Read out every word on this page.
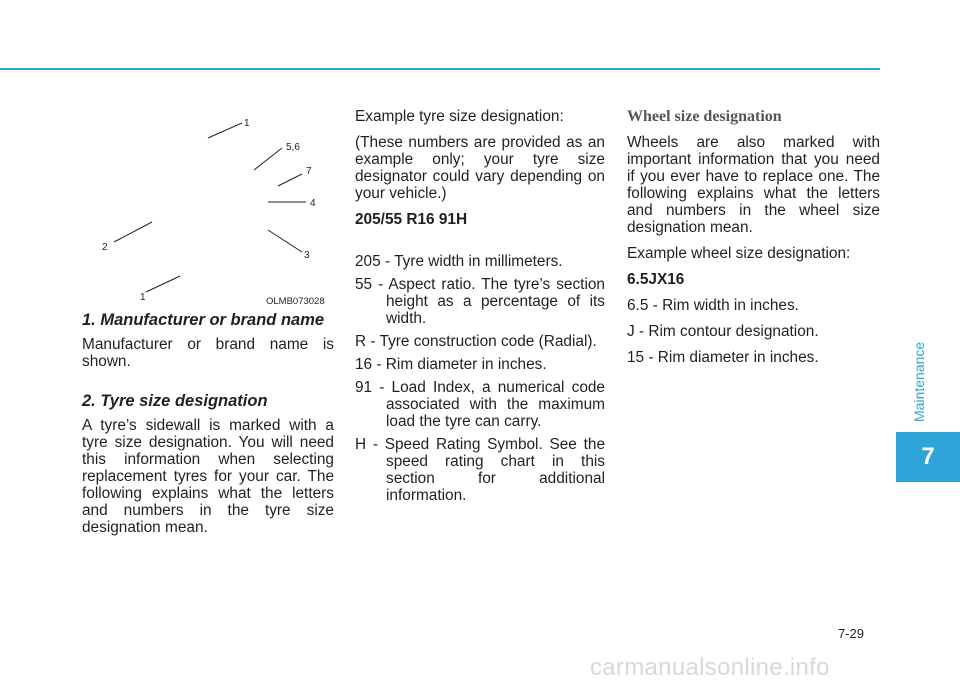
1
5,6
7
4
2
3
1	OLMB073028
1. Manufacturer or brand name
Manufacturer or brand name is shown.
2. Tyre size designation
A tyre’s sidewall is marked with a tyre size designation. You will need this information when selecting replacement tyres for your car. The following explains what the letters and numbers in the tyre size designation mean.
Example tyre size designation:
(These numbers are provided as an example only; your tyre size designator could vary depending on your vehicle.)
205/55 R16 91H
205 - Tyre width in millimeters.
55 - Aspect ratio. The tyre’s section height as a percentage of its width.
R - Tyre construction code (Radial).
16 - Rim diameter in inches.
91 - Load Index, a numerical code associated with the maximum load the tyre can carry.
H - Speed Rating Symbol. See the speed rating chart in this section for additional information.
Wheel size designation
Wheels are also marked with important information that you need if you ever have to replace one. The following explains what the letters and numbers in the wheel size designation mean.
Example wheel size designation:
6.5JX16
6.5 - Rim width in inches.
J - Rim contour designation.
15 - Rim diameter in inches.	Maintenance
7
7-29
carmanualsonline.info
